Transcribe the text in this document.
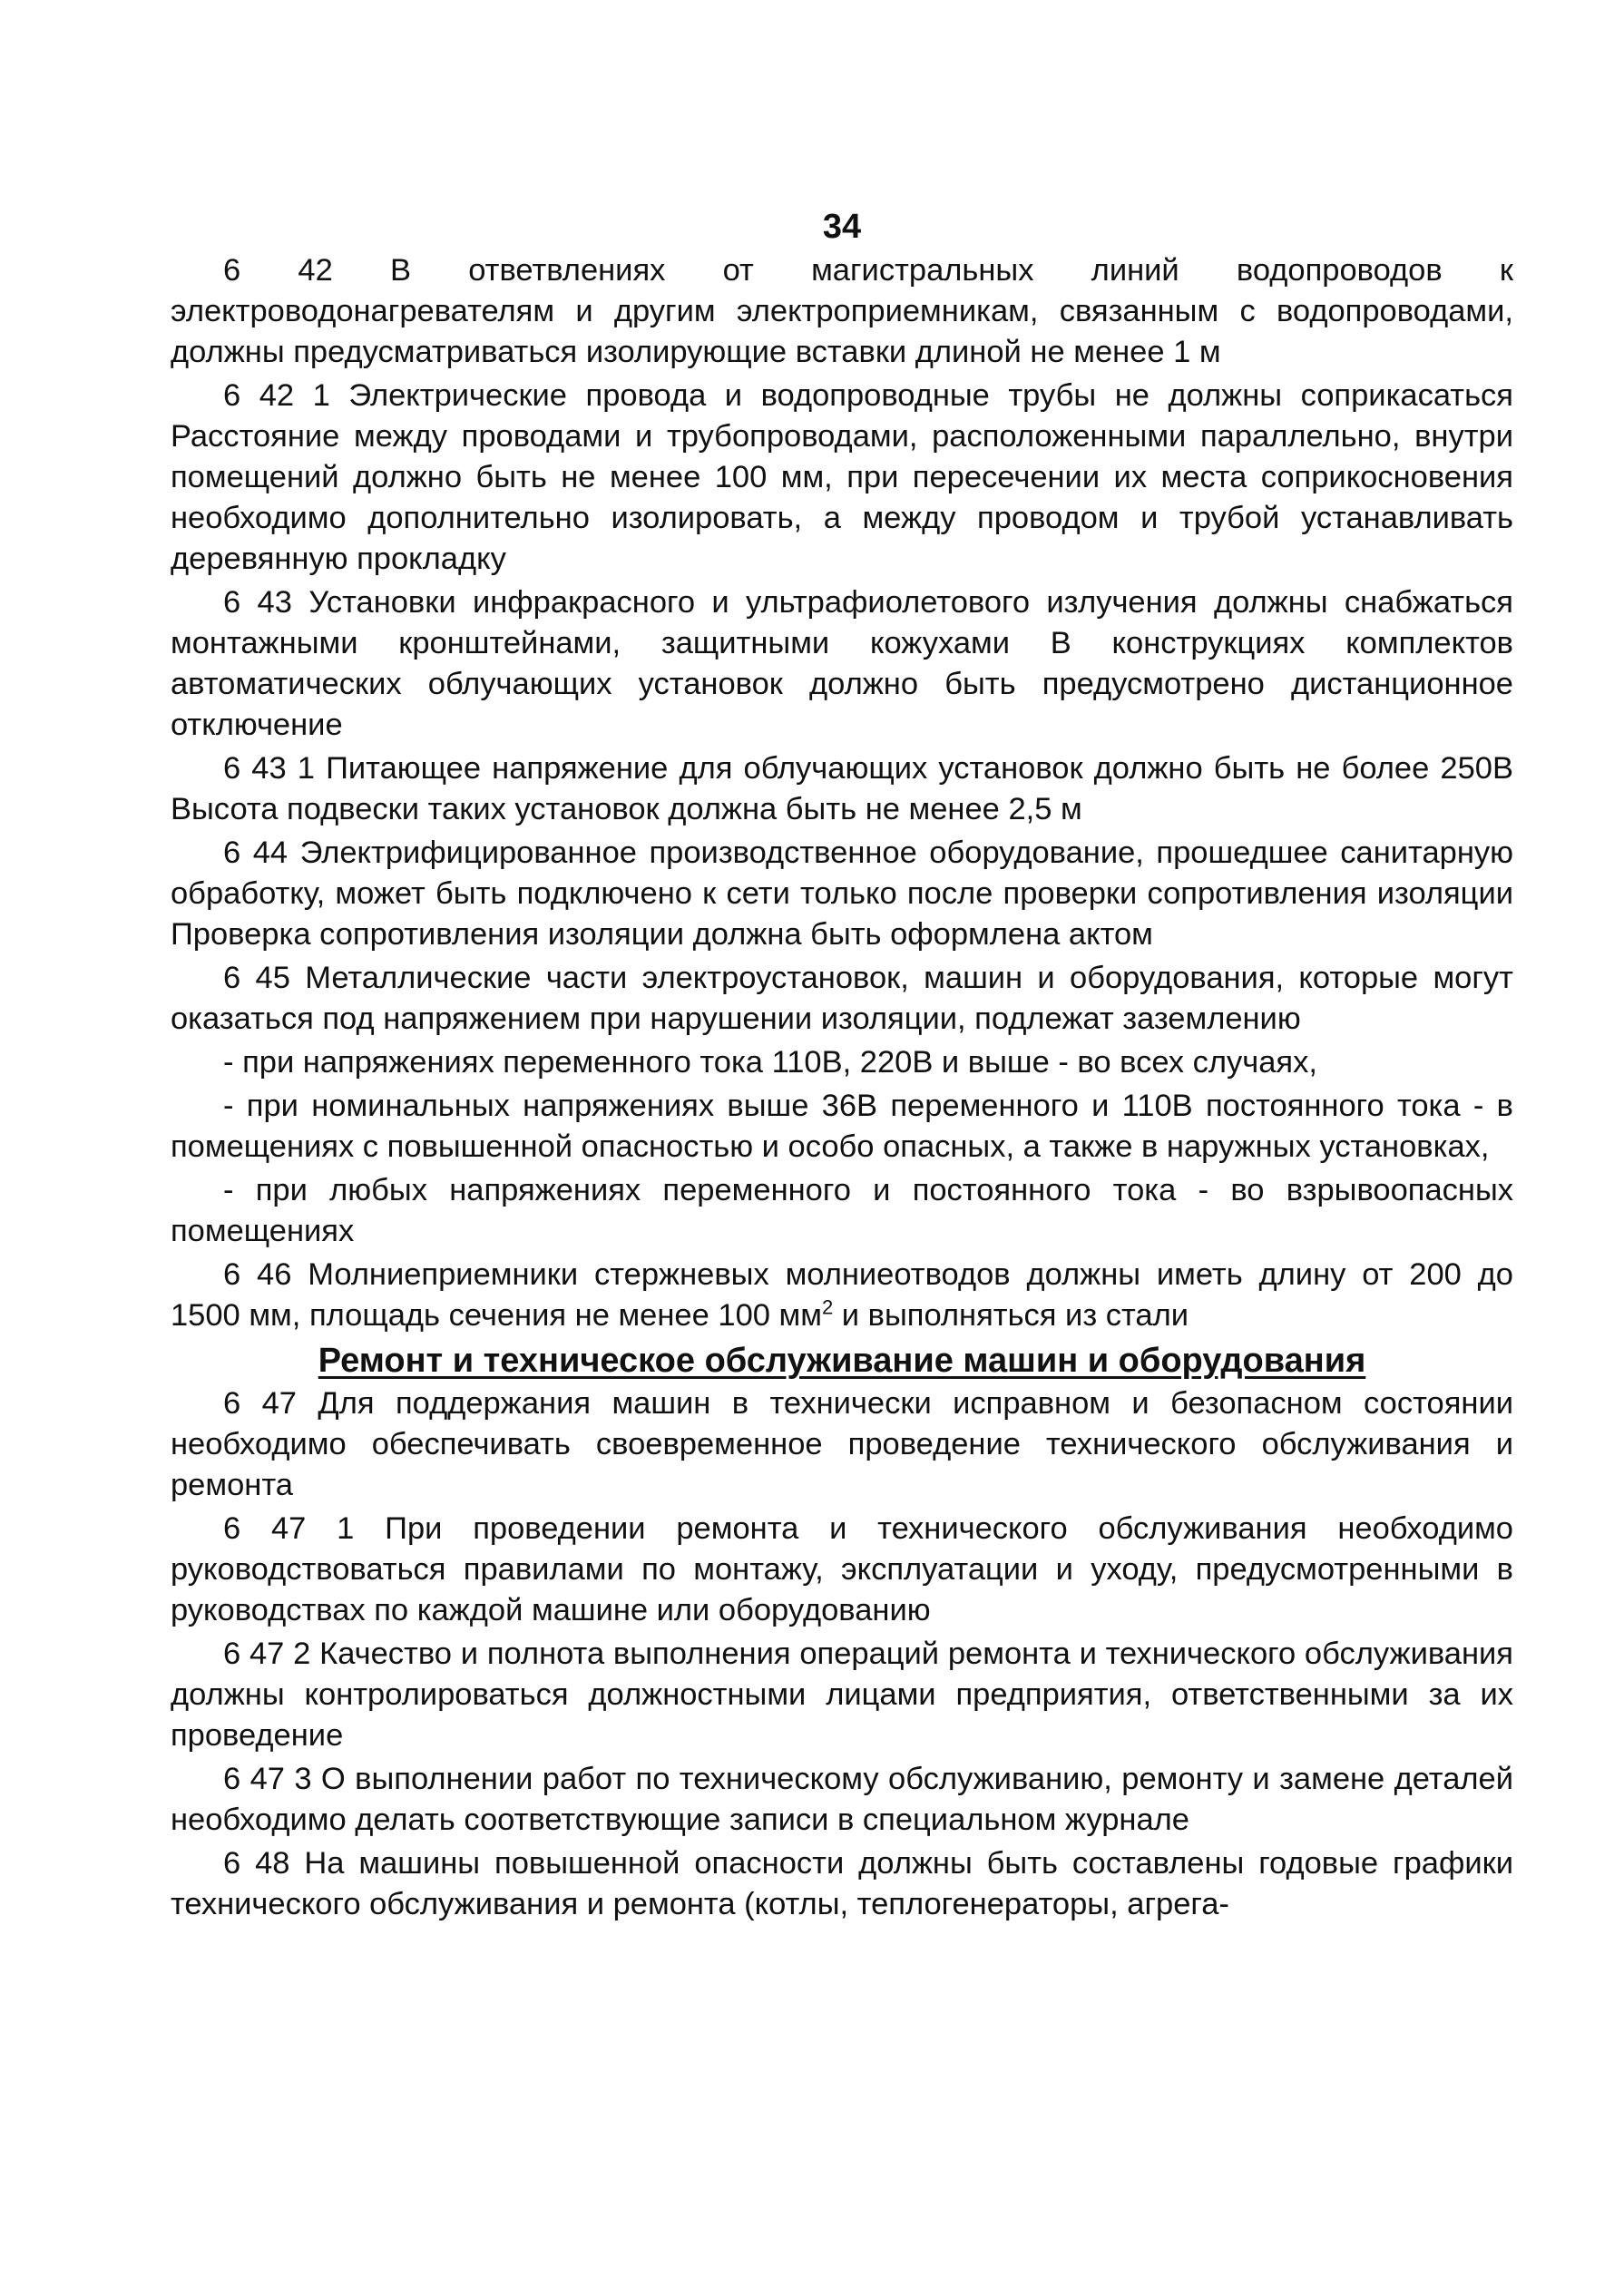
34

6 42 В ответвлениях от магистральных линий водопроводов к электроводонагревателям и другим электроприемникам, связанным с водопроводами, должны предусматриваться изолирующие вставки длиной не менее 1 м

6 42 1 Электрические провода и водопроводные трубы не должны соприкасаться Расстояние между проводами и трубопроводами, расположенными параллельно, внутри помещений должно быть не менее 100 мм, при пересечении их места соприкосновения необходимо дополнительно изолировать, а между проводом и трубой устанавливать деревянную прокладку

6 43 Установки инфракрасного и ультрафиолетового излучения должны снабжаться монтажными кронштейнами, защитными кожухами В конструкциях комплектов автоматических облучающих установок должно быть предусмотрено дистанционное отключение

6 43 1 Питающее напряжение для облучающих установок должно быть не более 250В Высота подвески таких установок должна быть не менее 2,5 м

6 44 Электрифицированное производственное оборудование, прошедшее санитарную обработку, может быть подключено к сети только после проверки сопротивления изоляции Проверка сопротивления изоляции должна быть оформлена актом

6 45 Металлические части электроустановок, машин и оборудования, которые могут оказаться под напряжением при нарушении изоляции, подлежат заземлению

- при напряжениях переменного тока 110В, 220В и выше - во всех случаях,

- при номинальных напряжениях выше 36В переменного и 110В постоянного тока - в помещениях с повышенной опасностью и особо опасных, а также в наружных установках,

- при любых напряжениях переменного и постоянного тока - во взрывоопасных помещениях

6 46 Молниеприемники стержневых молниеотводов должны иметь длину от 200 до 1500 мм, площадь сечения не менее 100 $мм^2$ и выполняться из стали

Ремонт и техническое обслуживание машин и оборудования

6 47 Для поддержания машин в технически исправном и безопасном состоянии необходимо обеспечивать своевременное проведение технического обслуживания и ремонта

6 47 1 При проведении ремонта и технического обслуживания необходимо руководствоваться правилами по монтажу, эксплуатации и уходу, предусмотренными в руководствах по каждой машине или оборудованию

6 47 2 Качество и полнота выполнения операций ремонта и технического обслуживания должны контролироваться должностными лицами предприятия, ответственными за их проведение

6 47 3 О выполнении работ по техническому обслуживанию, ремонту и замене деталей необходимо делать соответствующие записи в специальном журнале

6 48 На машины повышенной опасности должны быть составлены годовые графики технического обслуживания и ремонта (котлы, теплогенераторы, агрега-
